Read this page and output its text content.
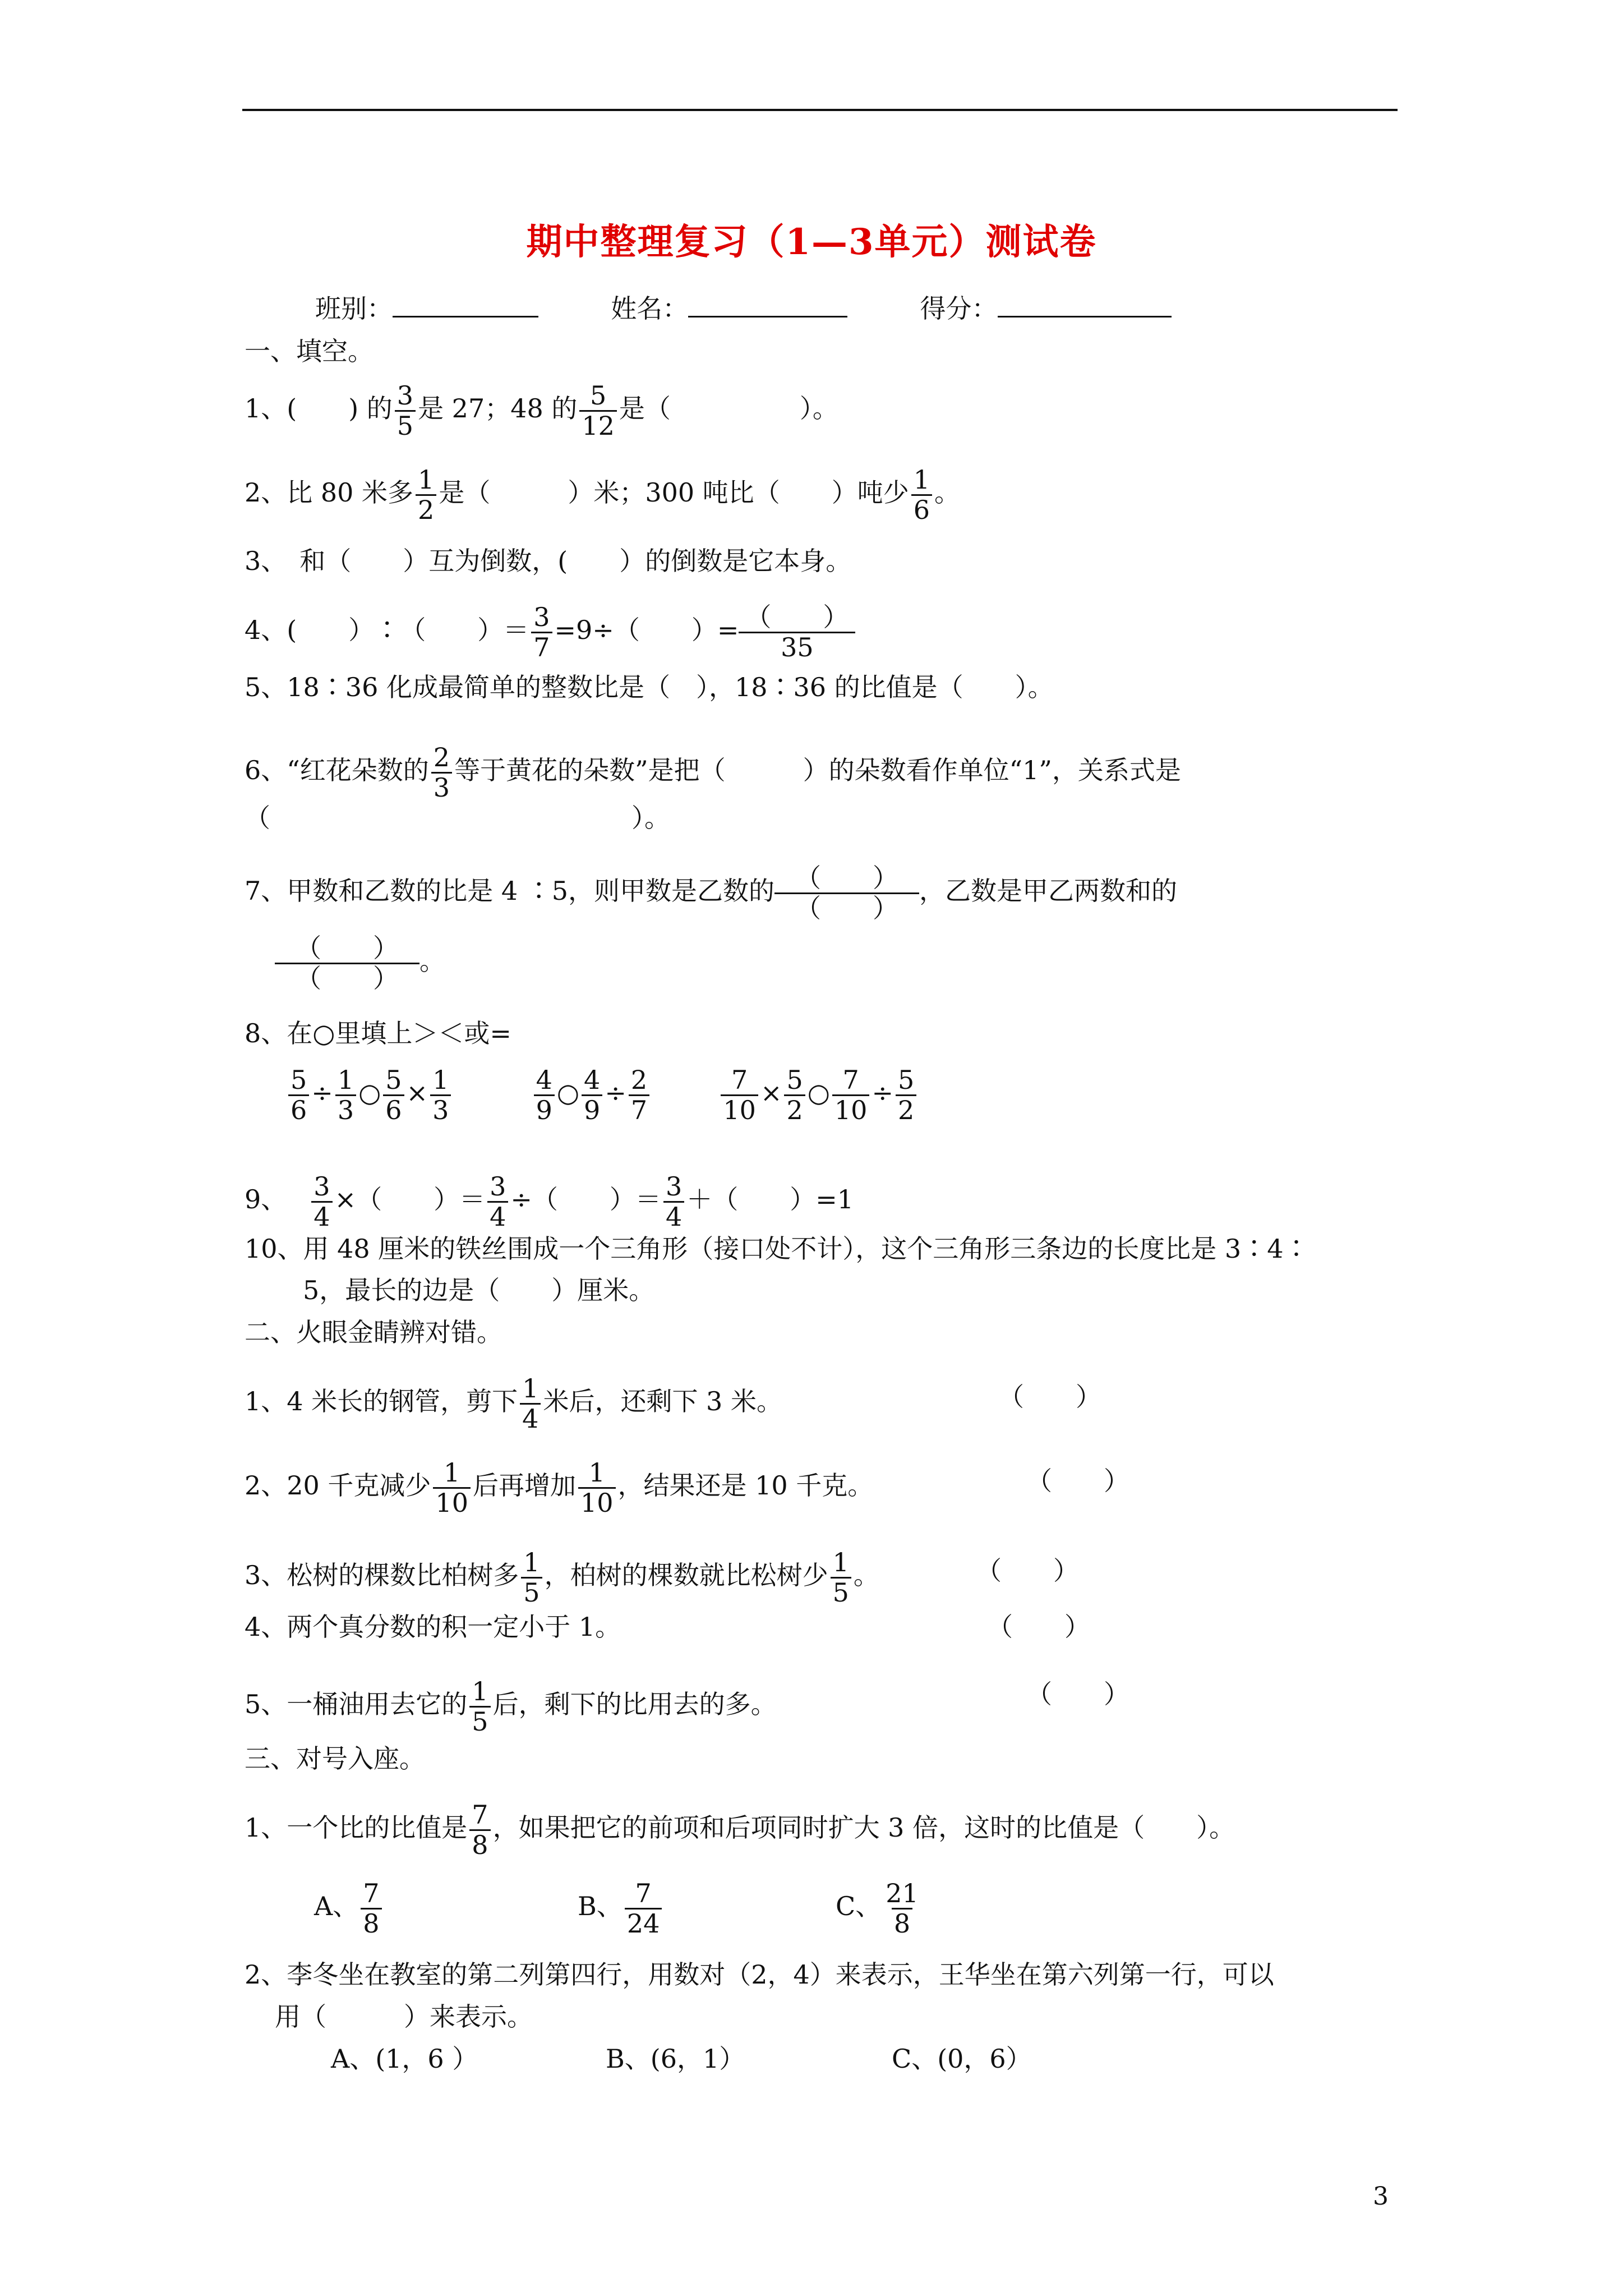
期中整理复习（1—3单元）测试卷
班别：	姓名：	得分：
一、填空。
1、(　　) 的 $\frac{3}{5}$ 是 27；48 的 $\frac{5}{12}$ 是（　　　　　）。
2、比 80 米多 $\frac{1}{2}$ 是（　　　）米；300 吨比（　　）吨少 $\frac{1}{6}$ 。
3、　和（　　）互为倒数，(　　）的倒数是它本身。
4、(　　）∶（　　）＝ $\frac{3}{7} =9\div$（　　）= $\frac{( )}{35}$
5、18∶36 化成最简单的整数比是（　），18∶36 的比值是（　　）。
6、“红花朵数的 $\frac{2}{3}$ 等于黄花的朵数”是把（　　　）的朵数看作单位“1”，关系式是
（　　　　　　　　　　　　　　）。
7、甲数和乙数的比是 4 ∶5，则甲数是乙数的 $\frac{( )}{( )}$ ，乙数是甲乙两数和的
$\frac{( )}{( )}$ 。
8、在○里填上＞＜或=
$\frac{5}{6} \div \frac{1}{3}$ ○ $\frac{5}{6} \times \frac{1}{3}$
	$\frac{4}{9}$ ○ $\frac{4}{9} \div \frac{2}{7}$
	$\frac{7}{10} \times \frac{5}{2}$ ○ $\frac{7}{10} \div \frac{5}{2}$
9、 $\frac{3}{4}$ ×（　　）＝ $\frac{3}{4}$ ÷（　　）＝ $\frac{3}{4}$ ＋（　　）=1
10、用 48 厘米的铁丝围成一个三角形（接口处不计），这个三角形三条边的长度比是 3∶4∶
5，最长的边是（　　）厘米。
二、火眼金睛辨对错。
1、4 米长的钢管，剪下 $\frac{1}{4}$ 米后，还剩下 3 米。	（　　）
2、20 千克减少 $\frac{1}{10}$ 后再增加 $\frac{1}{10}$ ，结果还是 10 千克。	（　　）
3、松树的棵数比柏树多 $\frac{1}{5}$ ，柏树的棵数就比松树少 $\frac{1}{5}$ 。	（　　）
4、两个真分数的积一定小于 1。	（　　）
5、一桶油用去它的 $\frac{1}{5}$ 后，剩下的比用去的多。	（　　）
三、对号入座。
1、一个比的比值是 $\frac{7}{8}$ ，如果把它的前项和后项同时扩大 3 倍，这时的比值是（　　）。
A、 $\frac{7}{8}$	B、 $\frac{7}{24}$	C、 $\frac{21}{8}$
2、李冬坐在教室的第二列第四行，用数对（2，4）来表示，王华坐在第六列第一行，可以
用（　　　）来表示。
A、(1，6 ）	B、(6，1）	C、(0，6）
3
